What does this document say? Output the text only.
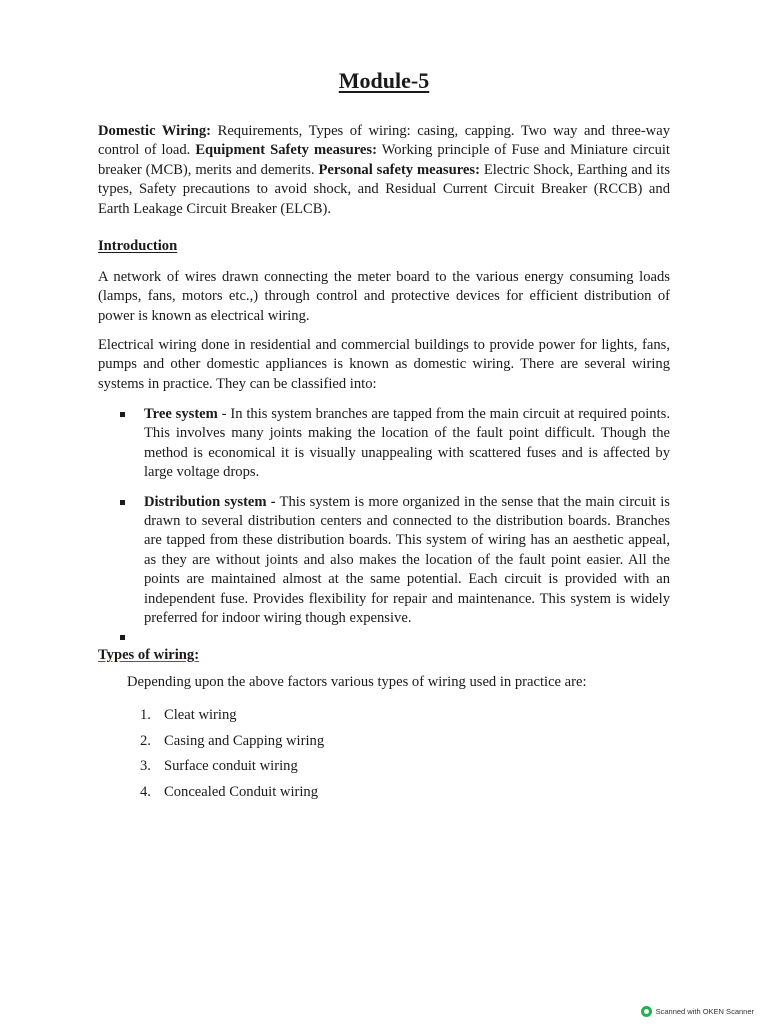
Module-5
Domestic Wiring: Requirements, Types of wiring: casing, capping. Two way and three-way control of load. Equipment Safety measures: Working principle of Fuse and Miniature circuit breaker (MCB), merits and demerits. Personal safety measures: Electric Shock, Earthing and its types, Safety precautions to avoid shock, and Residual Current Circuit Breaker (RCCB) and Earth Leakage Circuit Breaker (ELCB).
Introduction
A network of wires drawn connecting the meter board to the various energy consuming loads (lamps, fans, motors etc.,) through control and protective devices for efficient distribution of power is known as electrical wiring.
Electrical wiring done in residential and commercial buildings to provide power for lights, fans, pumps and other domestic appliances is known as domestic wiring. There are several wiring systems in practice. They can be classified into:
Tree system - In this system branches are tapped from the main circuit at required points. This involves many joints making the location of the fault point difficult. Though the method is economical it is visually unappealing with scattered fuses and is affected by large voltage drops.
Distribution system - This system is more organized in the sense that the main circuit is drawn to several distribution centers and connected to the distribution boards. Branches are tapped from these distribution boards. This system of wiring has an aesthetic appeal, as they are without joints and also makes the location of the fault point easier. All the points are maintained almost at the same potential. Each circuit is provided with an independent fuse. Provides flexibility for repair and maintenance. This system is widely preferred for indoor wiring though expensive.
Types of wiring:
Depending upon the above factors various types of wiring used in practice are:
1. Cleat wiring
2. Casing and Capping wiring
3. Surface conduit wiring
4. Concealed Conduit wiring
Scanned with OKEN Scanner
